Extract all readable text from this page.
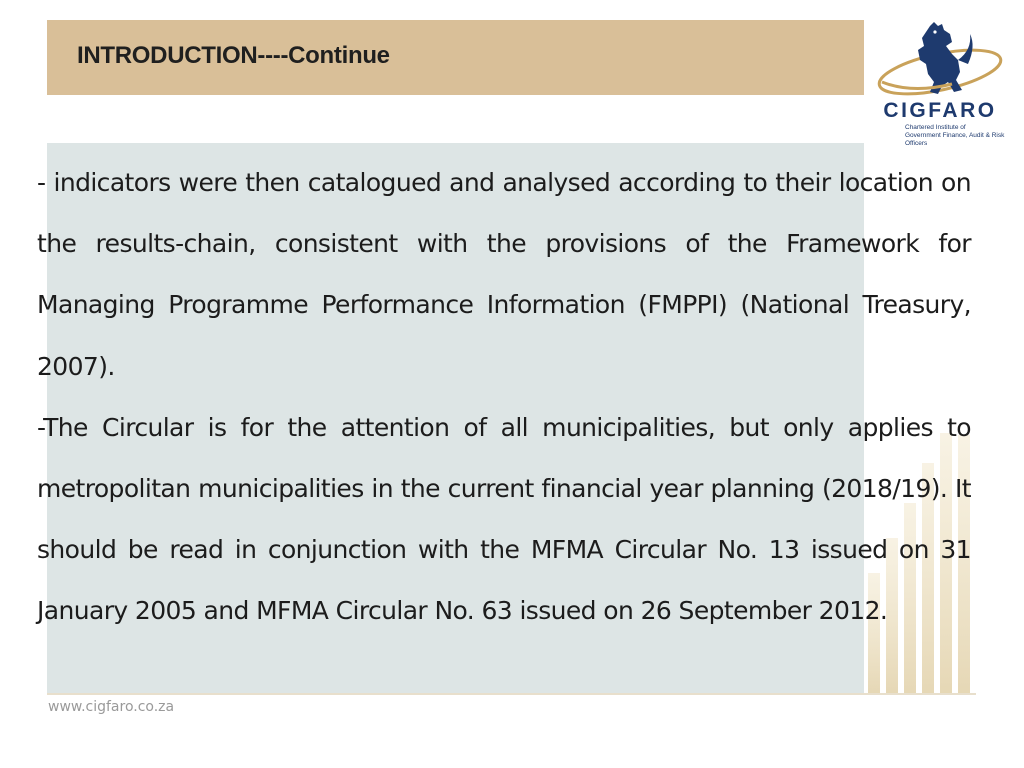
INTRODUCTION----Continue
CIGFARO
Chartered Institute of
Government Finance, Audit & Risk Officers

- indicators were then catalogued and analysed according to their location on the results-chain, consistent with the provisions of the Framework for Managing Programme Performance Information (FMPPI) (National Treasury, 2007).

-The Circular is for the attention of all municipalities, but only applies to metropolitan municipalities in the current financial year planning (2018/19). It should be read in conjunction with the MFMA Circular No. 13 issued on 31 January 2005 and MFMA Circular No. 63 issued on 26 September 2012.

www.cigfaro.co.za
